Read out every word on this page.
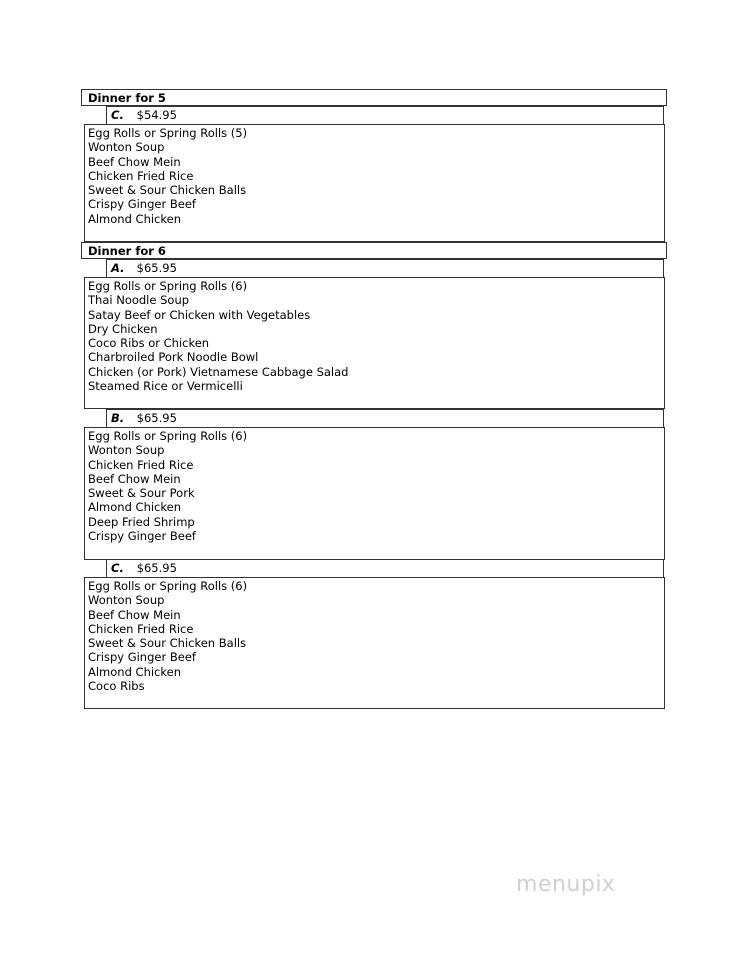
Dinner for 5
C. $54.95
Egg Rolls or Spring Rolls (5)
Wonton Soup
Beef Chow Mein
Chicken Fried Rice
Sweet & Sour Chicken Balls
Crispy Ginger Beef
Almond Chicken
Dinner for 6
A. $65.95
Egg Rolls or Spring Rolls (6)
Thai Noodle Soup
Satay Beef or Chicken with Vegetables
Dry Chicken
Coco Ribs or Chicken
Charbroiled Pork Noodle Bowl
Chicken (or Pork) Vietnamese Cabbage Salad
Steamed Rice or Vermicelli
B. $65.95
Egg Rolls or Spring Rolls (6)
Wonton Soup
Chicken Fried Rice
Beef Chow Mein
Sweet & Sour Pork
Almond Chicken
Deep Fried Shrimp
Crispy Ginger Beef
C. $65.95
Egg Rolls or Spring Rolls (6)
Wonton Soup
Beef Chow Mein
Chicken Fried Rice
Sweet & Sour Chicken Balls
Crispy Ginger Beef
Almond Chicken
Coco Ribs
menupix
